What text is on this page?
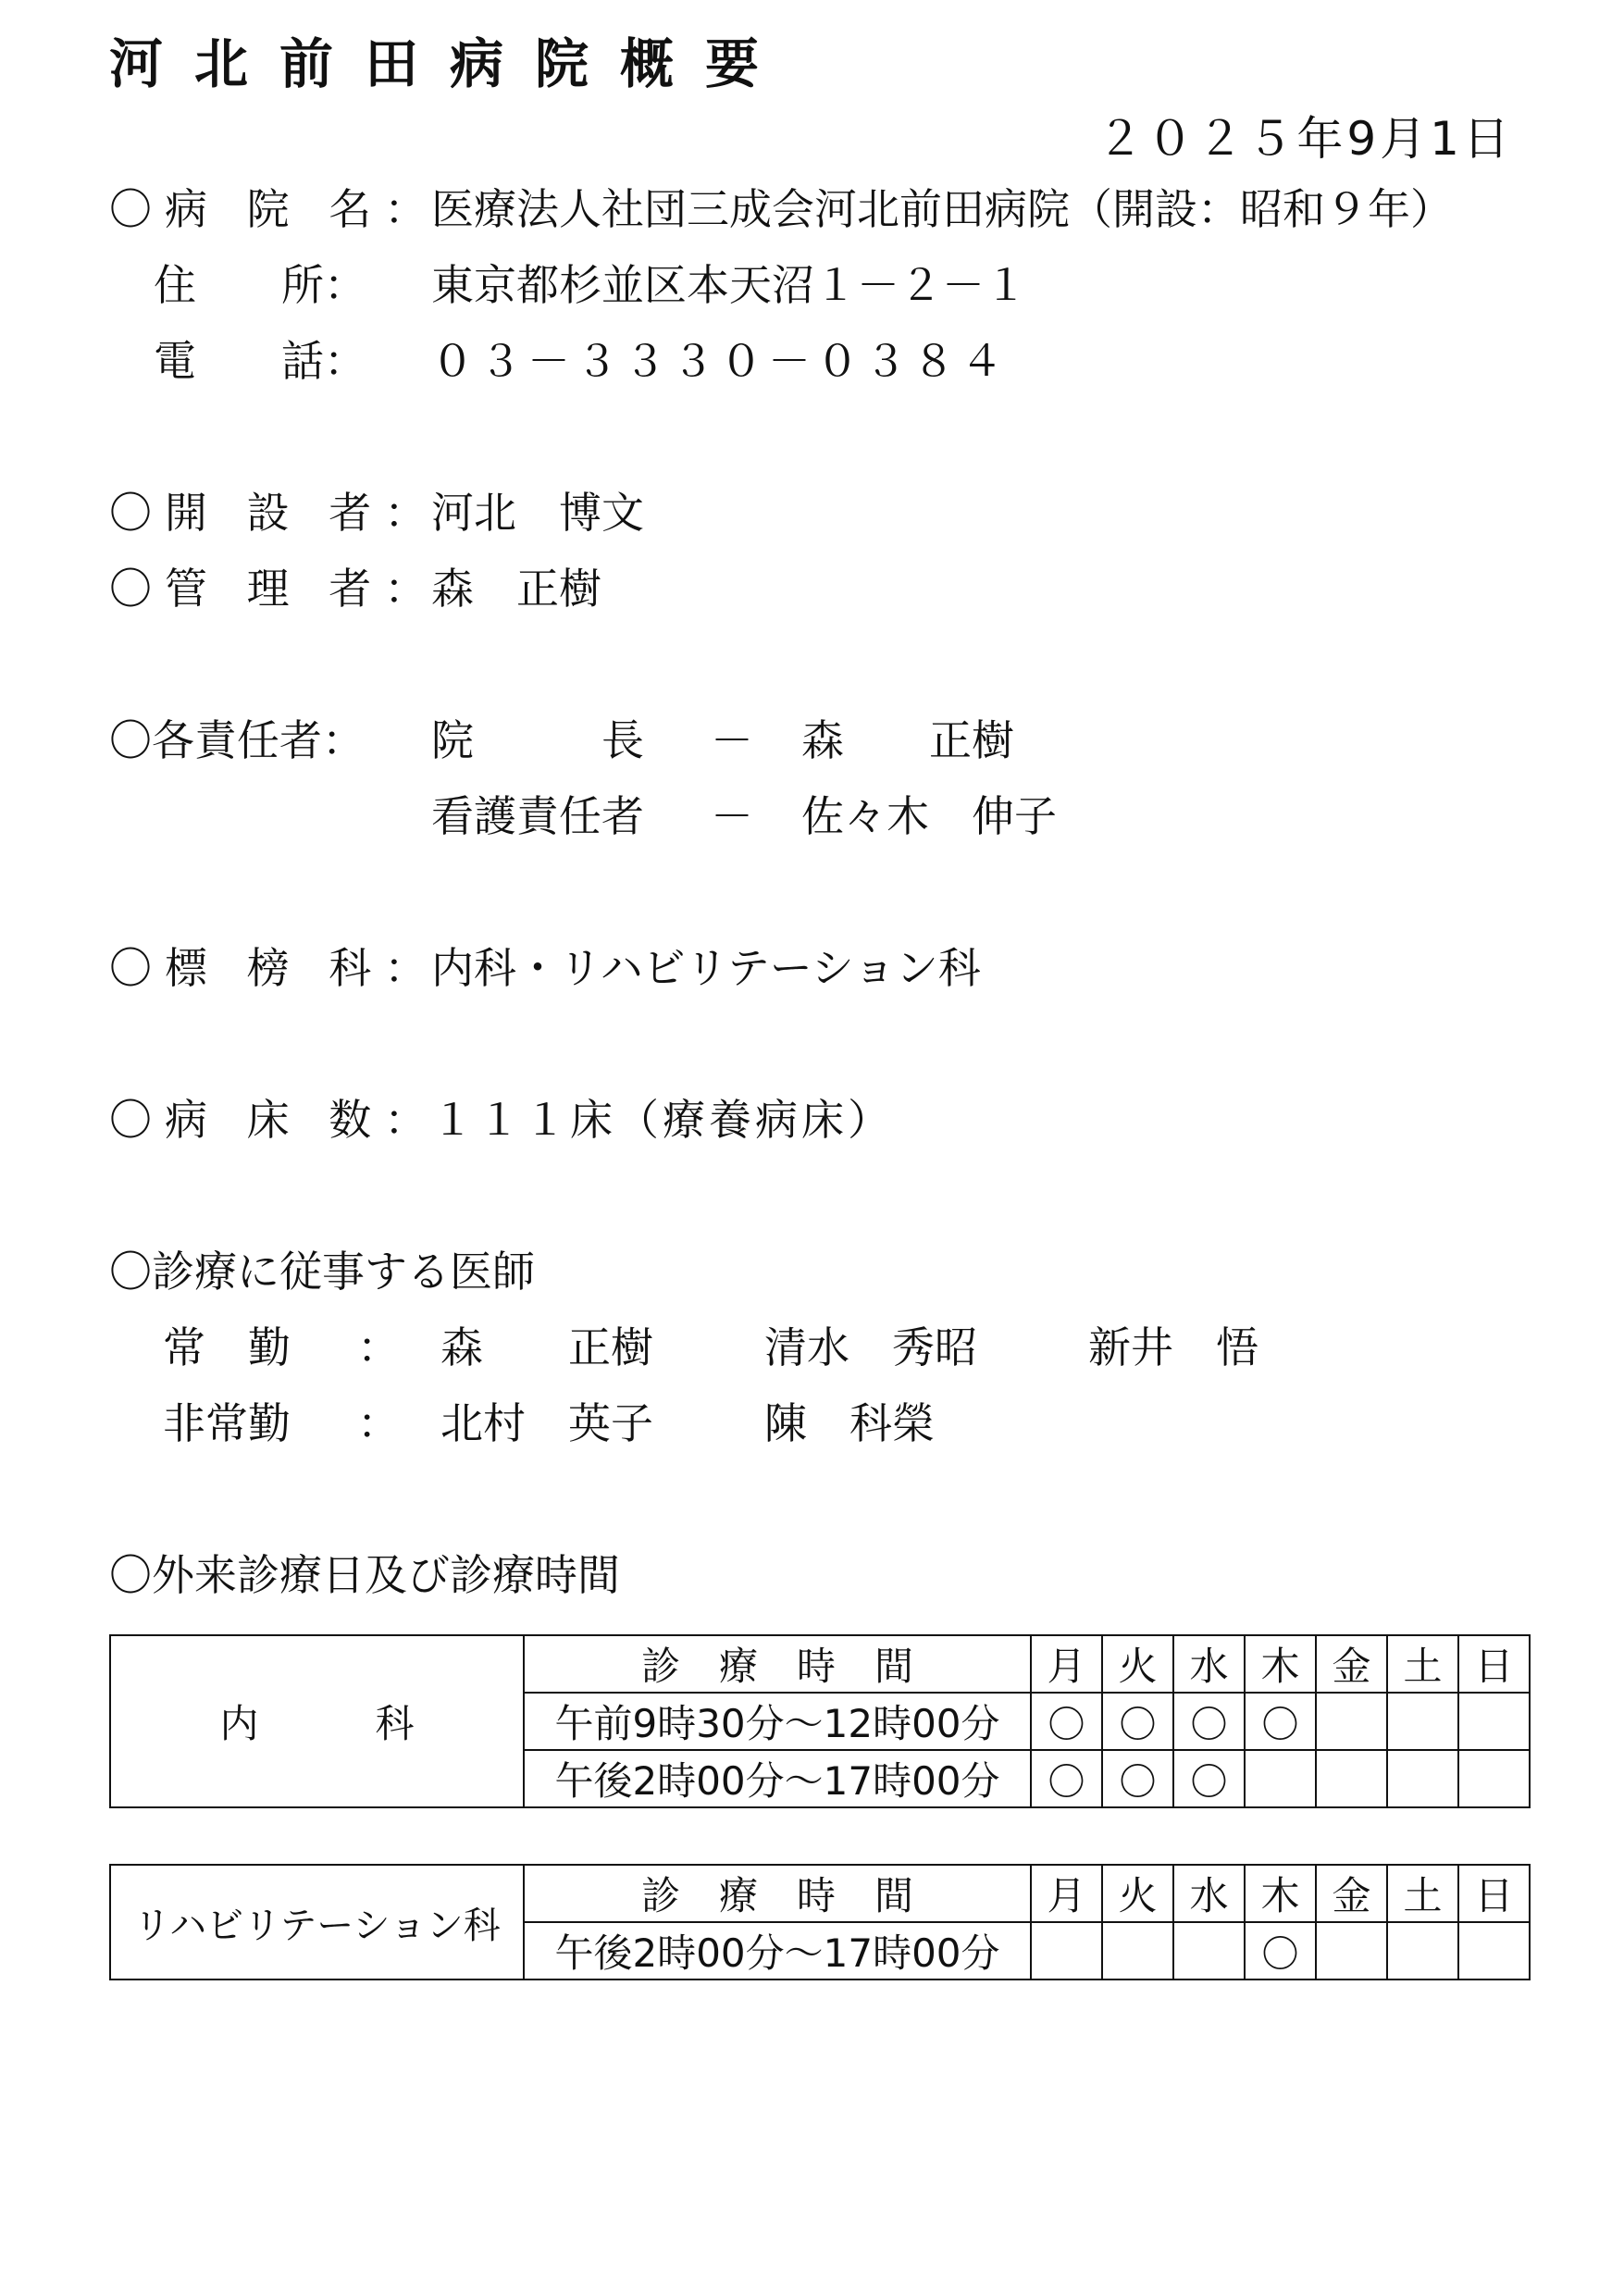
河北前田病院概要
２０２５年9月1日
〇病 院 名：
医療法人社団三成会河北前田病院（開設：昭和９年）
住　　所： 東京都杉並区本天沼１－２－１
電　　話： ０３－３３３０－０３８４
〇開 設 者：
河北　博文
〇管 理 者：
森　正樹
〇各責任者： 院　　　長 － 森　　正樹
看護責任者 － 佐々木　伸子
〇標 榜 科：
内科・リハビリテーション科
〇病 床 数：
１１１床（療養病床）
〇診療に従事する医師
常　勤 ： 森　　正樹	清水　秀昭	新井　悟
非常勤 ： 北村　英子	陳　科榮
〇外来診療日及び診療時間
内　　　科	診　療　時　間	月	火	水	木	金	土	日
	午前9時30分～12時00分	〇	〇	〇	〇			
	午後2時00分～17時00分	〇	〇	〇				
リハビリテーション科	診　療　時　間	月	火	水	木	金	土	日
	午後2時00分～17時00分				〇			
